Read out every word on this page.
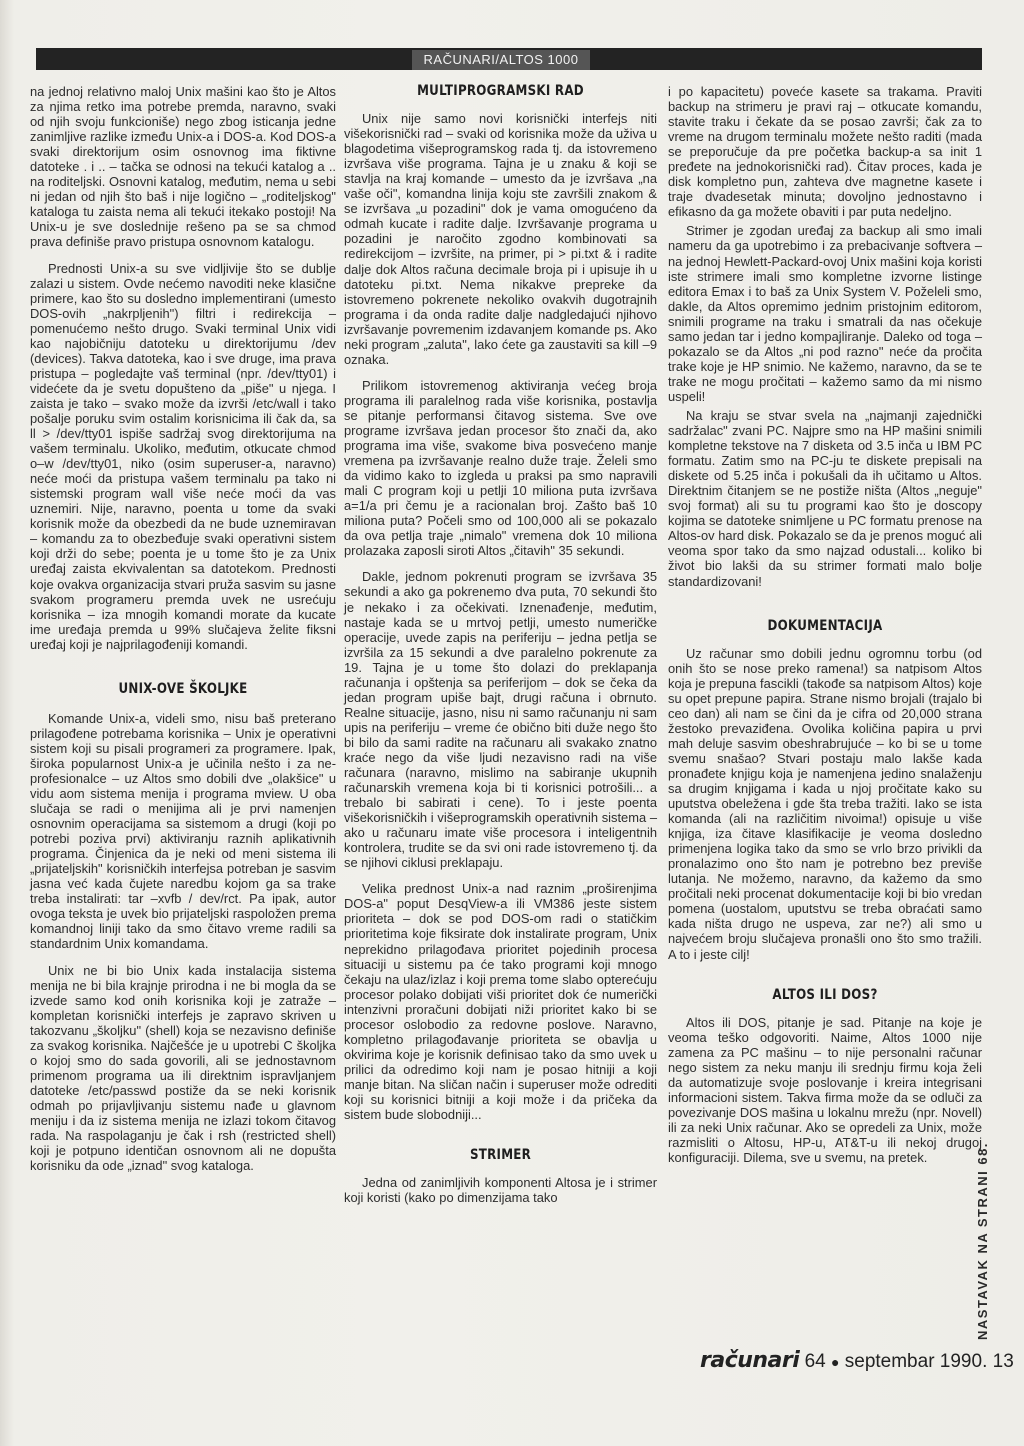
RAČUNARI/ALTOS 1000

na jednoj relativno maloj Unix mašini kao što je Altos za njima retko ima potrebe premda, naravno, svaki od njih svoju funkcioniše) nego zbog isticanja jedne zanimljive razlike između Unix-a i DOS-a. Kod DOS-a svaki direktorijum osim osnovnog ima fiktivne datoteke . i .. – tačka se odnosi na tekući katalog a .. na roditeljski. Osnovni katalog, međutim, nema u sebi ni jedan od njih što baš i nije logično – „roditeljskog" kataloga tu zaista nema ali tekući itekako postoji! Na Unix-u je sve doslednije rešeno pa se sa chmod prava definiše pravo pristupa osnovnom katalogu.

Prednosti Unix-a su sve vidljivije što se dublje zalazi u sistem. Ovde nećemo navoditi neke klasične primere, kao što su dosledno implementirani (umesto DOS-ovih „nakrpljenih") filtri i redirekcija – pomenućemo nešto drugo. Svaki terminal Unix vidi kao najobičniju datoteku u direktorijumu /dev (devices). Takva datoteka, kao i sve druge, ima prava pristupa – pogledajte vaš terminal (npr. /dev/tty01) i videćete da je svetu dopušteno da „piše" u njega. I zaista je tako – svako može da izvrši /etc/wall i tako pošalje poruku svim ostalim korisnicima ili čak da, sa ll > /dev/tty01 ispiše sadržaj svog direktorijuma na vašem terminalu. Ukoliko, međutim, otkucate chmod o–w /dev/tty01, niko (osim superuser-a, naravno) neće moći da pristupa vašem terminalu pa tako ni sistemski program wall više neće moći da vas uznemiri. Nije, naravno, poenta u tome da svaki korisnik može da obezbedi da ne bude uznemiravan – komandu za to obezbeđuje svaki operativni sistem koji drži do sebe; poenta je u tome što je za Unix uređaj zaista ekvivalentan sa datotekom. Prednosti koje ovakva organizacija stvari pruža sasvim su jasne svakom programeru premda uvek ne usrećuju korisnika – iza mnogih komandi morate da kucate ime uređaja premda u 99% slučajeva želite fiksni uređaj koji je najprilagođeniji komandi.

UNIX-OVE ŠKOLJKE

Komande Unix-a, videli smo, nisu baš preterano prilagođene potrebama korisnika – Unix je operativni sistem koji su pisali programeri za programere. Ipak, široka popularnost Unix-a je učinila nešto i za ne-profesionalce – uz Altos smo dobili dve „olakšice" u vidu aom sistema menija i programa mview. U oba slučaja se radi o menijima ali je prvi namenjen osnovnim operacijama sa sistemom a drugi (koji po potrebi poziva prvi) aktiviranju raznih aplikativnih programa. Činjenica da je neki od meni sistema ili „prijateljskih" korisničkih interfejsa potreban je sasvim jasna već kada čujete naredbu kojom ga sa trake treba instalirati: tar –xvfb / dev/rct. Pa ipak, autor ovoga teksta je uvek bio prijateljski raspoložen prema komandnoj liniji tako da smo čitavo vreme radili sa standardnim Unix komandama.

Unix ne bi bio Unix kada instalacija sistema menija ne bi bila krajnje prirodna i ne bi mogla da se izvede samo kod onih korisnika koji je zatraže – kompletan korisnički interfejs je zapravo skriven u takozvanu „školjku" (shell) koja se nezavisno definiše za svakog korisnika. Najčešće je u upotrebi C školjka o kojoj smo do sada govorili, ali se jednostavnom primenom programa ua ili direktnim ispravljanjem datoteke /etc/passwd postiže da se neki korisnik odmah po prijavljivanju sistemu nađe u glavnom meniju i da iz sistema menija ne izlazi tokom čitavog rada. Na raspolaganju je čak i rsh (restricted shell) koji je potpuno identičan osnovnom ali ne dopušta korisniku da ode „iznad" svog kataloga.

MULTIPROGRAMSKI RAD

Unix nije samo novi korisnički interfejs niti višekorisnički rad – svaki od korisnika može da uživa u blagodetima višeprogramskog rada tj. da istovremeno izvršava više programa. Tajna je u znaku & koji se stavlja na kraj komande – umesto da je izvršava „na vaše oči", komandna linija koju ste završili znakom & se izvršava „u pozadini" dok je vama omogućeno da odmah kucate i radite dalje. Izvršavanje programa u pozadini je naročito zgodno kombinovati sa redirekcijom – izvršite, na primer, pi > pi.txt & i radite dalje dok Altos računa decimale broja pi i upisuje ih u datoteku pi.txt. Nema nikakve prepreke da istovremeno pokrenete nekoliko ovakvih dugotrajnih programa i da onda radite dalje nadgledajući njihovo izvršavanje povremenim izdavanjem komande ps. Ako neki program „zaluta", lako ćete ga zaustaviti sa kill –9 oznaka.

Prilikom istovremenog aktiviranja većeg broja programa ili paralelnog rada više korisnika, postavlja se pitanje performansi čitavog sistema. Sve ove programe izvršava jedan procesor što znači da, ako programa ima više, svakome biva posvećeno manje vremena pa izvršavanje realno duže traje. Želeli smo da vidimo kako to izgleda u praksi pa smo napravili mali C program koji u petlji 10 miliona puta izvršava a=1/a pri čemu je a racionalan broj. Zašto baš 10 miliona puta? Počeli smo od 100,000 ali se pokazalo da ova petlja traje „nimalo" vremena dok 10 miliona prolazaka zaposli siroti Altos „čitavih" 35 sekundi.

Dakle, jednom pokrenuti program se izvršava 35 sekundi a ako ga pokrenemo dva puta, 70 sekundi što je nekako i za očekivati. Iznenađenje, međutim, nastaje kada se u mrtvoj petlji, umesto numeričke operacije, uvede zapis na periferiju – jedna petlja se izvršila za 15 sekundi a dve paralelno pokrenute za 19. Tajna je u tome što dolazi do preklapanja računanja i opštenja sa periferijom – dok se čeka da jedan program upiše bajt, drugi računa i obrnuto. Realne situacije, jasno, nisu ni samo računanju ni sam upis na periferiju – vreme će obično biti duže nego što bi bilo da sami radite na računaru ali svakako znatno kraće nego da više ljudi nezavisno radi na više računara (naravno, mislimo na sabiranje ukupnih računarskih vremena koja bi ti korisnici potrošili... a trebalo bi sabirati i cene). To i jeste poenta višekorisničkih i višeprogramskih operativnih sistema – ako u računaru imate više procesora i inteligentnih kontrolera, trudite se da svi oni rade istovremeno tj. da se njihovi ciklusi preklapaju.

Velika prednost Unix-a nad raznim „proširenjima DOS-a" poput DesqView-a ili VM386 jeste sistem prioriteta – dok se pod DOS-om radi o statičkim prioritetima koje fiksirate dok instalirate program, Unix neprekidno prilagođava prioritet pojedinih procesa situaciji u sistemu pa će tako programi koji mnogo čekaju na ulaz/izlaz i koji prema tome slabo opterećuju procesor polako dobijati viši prioritet dok će numerički intenzivni proračuni dobijati niži prioritet kako bi se procesor oslobodio za redovne poslove. Naravno, kompletno prilagođavanje prioriteta se obavlja u okvirima koje je korisnik definisao tako da smo uvek u prilici da odredimo koji nam je posao hitniji a koji manje bitan. Na sličan način i superuser može odrediti koji su korisnici bitniji a koji može i da pričeka da sistem bude slobodniji...

STRIMER

Jedna od zanimljivih komponenti Altosa je i strimer koji koristi (kako po dimenzijama tako

i po kapacitetu) poveće kasete sa trakama. Praviti backup na strimeru je pravi raj – otkucate komandu, stavite traku i čekate da se posao završi; čak za to vreme na drugom terminalu možete nešto raditi (mada se preporučuje da pre početka backup-a sa init 1 pređete na jednokorisnički rad). Čitav proces, kada je disk kompletno pun, zahteva dve magnetne kasete i traje dvadesetak minuta; dovoljno jednostavno i efikasno da ga možete obaviti i par puta nedeljno.

Strimer je zgodan uređaj za backup ali smo imali nameru da ga upotrebimo i za prebacivanje softvera – na jednoj Hewlett-Packard-ovoj Unix mašini koja koristi iste strimere imali smo kompletne izvorne listinge editora Emax i to baš za Unix System V. Poželeli smo, dakle, da Altos opremimo jednim pristojnim editorom, snimili programe na traku i smatrali da nas očekuje samo jedan tar i jedno kompajliranje. Daleko od toga – pokazalo se da Altos „ni pod razno" neće da pročita trake koje je HP snimio. Ne kažemo, naravno, da se te trake ne mogu pročitati – kažemo samo da mi nismo uspeli!

Na kraju se stvar svela na „najmanji zajednički sadržalac" zvani PC. Najpre smo na HP mašini snimili kompletne tekstove na 7 disketa od 3.5 inča u IBM PC formatu. Zatim smo na PC-ju te diskete prepisali na diskete od 5.25 inča i pokušali da ih učitamo u Altos. Direktnim čitanjem se ne postiže ništa (Altos „neguje" svoj format) ali su tu programi kao što je doscopy kojima se datoteke snimljene u PC formatu prenose na Altos-ov hard disk. Pokazalo se da je prenos moguć ali veoma spor tako da smo najzad odustali... koliko bi život bio lakši da su strimer formati malo bolje standardizovani!

DOKUMENTACIJA

Uz računar smo dobili jednu ogromnu torbu (od onih što se nose preko ramena!) sa natpisom Altos koja je prepuna fascikli (takođe sa natpisom Altos) koje su opet prepune papira. Strane nismo brojali (trajalo bi ceo dan) ali nam se čini da je cifra od 20,000 strana žestoko prevaziđena. Ovolika količina papira u prvi mah deluje sasvim obeshrabrujuće – ko bi se u tome svemu snašao? Stvari postaju malo lakše kada pronađete knjigu koja je namenjena jedino snalaženju sa drugim knjigama i kada u njoj pročitate kako su uputstva obeležena i gde šta treba tražiti. Iako se ista komanda (ali na različitim nivoima!) opisuje u više knjiga, iza čitave klasifikacije je veoma dosledno primenjena logika tako da smo se vrlo brzo privikli da pronalazimo ono što nam je potrebno bez previše lutanja. Ne možemo, naravno, da kažemo da smo pročitali neki procenat dokumentacije koji bi bio vredan pomena (uostalom, uputstvu se treba obraćati samo kada ništa drugo ne uspeva, zar ne?) ali smo u najvećem broju slučajeva pronašli ono što smo tražili. A to i jeste cilj!

ALTOS ILI DOS?

Altos ili DOS, pitanje je sad. Pitanje na koje je veoma teško odgovoriti. Naime, Altos 1000 nije zamena za PC mašinu – to nije personalni računar nego sistem za neku manju ili srednju firmu koja želi da automatizuje svoje poslovanje i kreira integrisani informacioni sistem. Takva firma može da se odluči za povezivanje DOS mašina u lokalnu mrežu (npr. Novell) ili za neki Unix računar. Ako se opredeli za Unix, može razmisliti o Altosu, HP-u, AT&T-u ili nekoj drugoj konfiguraciji. Dilema, sve u svemu, na pretek.	NASTAVAK NA STRANI 68.
računari 64 ● septembar 1990. 13
